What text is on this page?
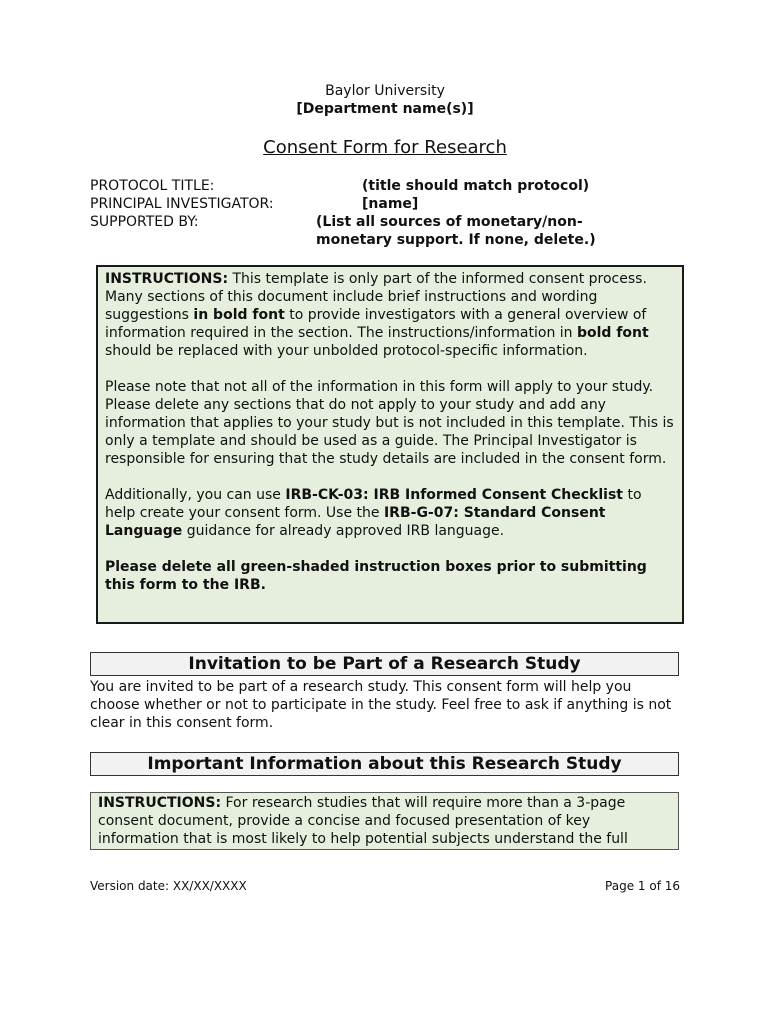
Baylor University
[Department name(s)]
Consent Form for Research
PROTOCOL TITLE:	(title should match protocol)
PRINCIPAL INVESTIGATOR:	[name]
SUPPORTED BY:	(List all sources of monetary/non-monetary support. If none, delete.)

INSTRUCTIONS: This template is only part of the informed consent process. Many sections of this document include brief instructions and wording suggestions in bold font to provide investigators with a general overview of information required in the section. The instructions/information in bold font should be replaced with your unbolded protocol-specific information.

Please note that not all of the information in this form will apply to your study. Please delete any sections that do not apply to your study and add any information that applies to your study but is not included in this template. This is only a template and should be used as a guide. The Principal Investigator is responsible for ensuring that the study details are included in the consent form.

Additionally, you can use IRB-CK-03: IRB Informed Consent Checklist to help create your consent form. Use the IRB-G-07: Standard Consent Language guidance for already approved IRB language.

Please delete all green-shaded instruction boxes prior to submitting this form to the IRB.

Invitation to be Part of a Research Study
You are invited to be part of a research study. This consent form will help you choose whether or not to participate in the study. Feel free to ask if anything is not clear in this consent form.
Important Information about this Research Study
INSTRUCTIONS: For research studies that will require more than a 3-page consent document, provide a concise and focused presentation of key information that is most likely to help potential subjects understand the full
Version date: XX/XX/XXXX	Page 1 of 16
